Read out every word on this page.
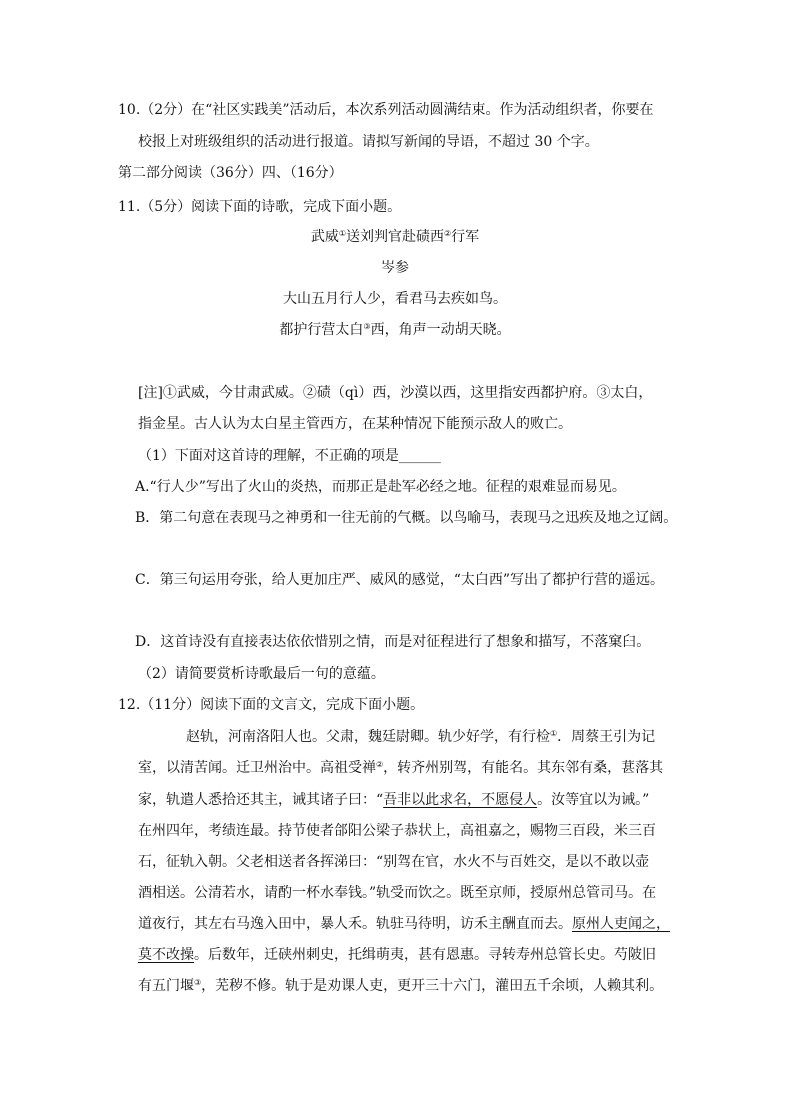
10.（2分）在“社区实践美”活动后，本次系列活动圆满结束。作为活动组织者，你要在
校报上对班级组织的活动进行报道。请拟写新闻的导语，不超过 30 个字。
第二部分阅读（36分）四、（16分）
11.（5分）阅读下面的诗歌，完成下面小题。
武威①送刘判官赴碛西②行军
岑参
大山五月行人少，看君马去疾如鸟。
都护行营太白③西，角声一动胡天晓。
[注]①武威，今甘肃武威。②碛（qì）西，沙漠以西，这里指安西都护府。③太白，
指金星。古人认为太白星主管西方，在某种情况下能预示敌人的败亡。
（1）下面对这首诗的理解，不正确的项是______
A.“行人少”写出了火山的炎热，而那正是赴军必经之地。征程的艰难显而易见。
B．第二句意在表现马之神勇和一往无前的气概。以鸟喻马，表现马之迅疾及地之辽阔。
C．第三句运用夸张，给人更加庄严、威风的感觉，“太白西”写出了都护行营的遥远。
D．这首诗没有直接表达依依惜别之情，而是对征程进行了想象和描写，不落窠臼。
（2）请简要赏析诗歌最后一句的意蕴。
12.（11分）阅读下面的文言文，完成下面小题。
赵轨，河南洛阳人也。父肃，魏廷尉卿。轨少好学，有行检①．周蔡王引为记
室，以清苦闻。迁卫州治中。高祖受禅②，转齐州别驾，有能名。其东邻有桑，葚落其
家，轨遣人悉拾还其主，诫其诸子曰：“吾非以此求名，不愿侵人。汝等宜以为诫。”
在州四年，考绩连最。持节使者郃阳公梁子恭状上，高祖嘉之，赐物三百段，米三百
石，征轨入朝。父老相送者各挥涕曰：“别驾在官，水火不与百姓交，是以不敢以壶
酒相送。公清若水，请酌一杯水奉钱。”轨受而饮之。既至京师，授原州总管司马。在
道夜行，其左右马逸入田中，暴人禾。轨驻马待明，访禾主酬直而去。原州人吏闻之，
莫不改操。后数年，迁硖州刺史，托缉萌夷，甚有恩惠。寻转寿州总管长史。芍陂旧
有五门堰③，芜秽不修。轨于是劝课人吏，更开三十六门，灌田五千余顷，人赖其利。
